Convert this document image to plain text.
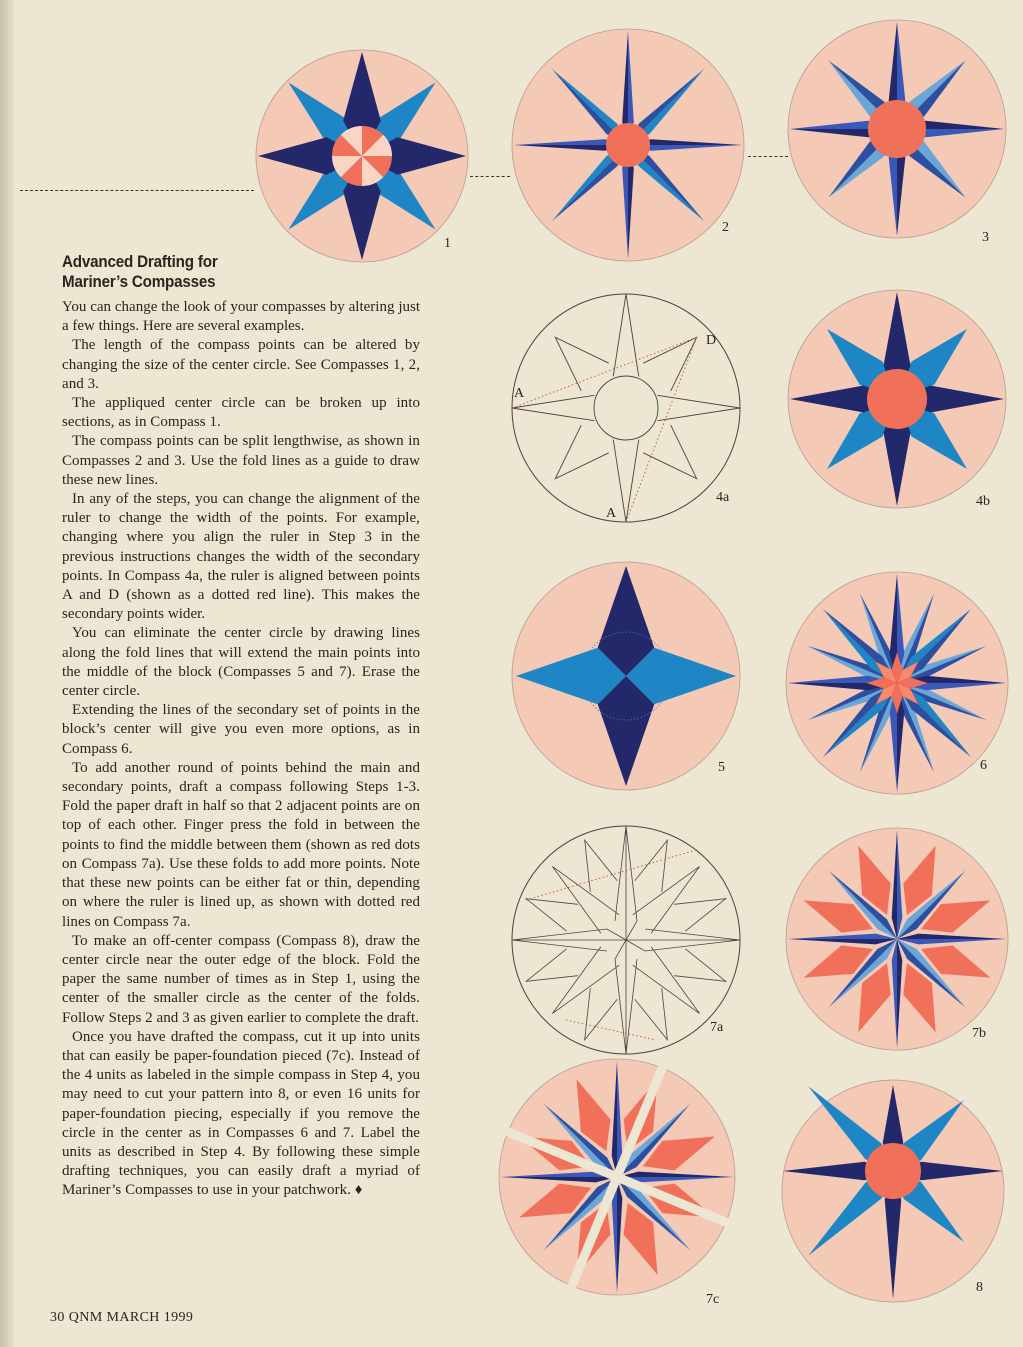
Advanced Drafting for
Mariner’s Compasses

You can change the look of your compasses by altering just a few things. Here are several examples.

The length of the compass points can be altered by changing the size of the center circle. See Compasses 1, 2, and 3.

The appliqued center circle can be broken up into sections, as in Compass 1.

The compass points can be split lengthwise, as shown in Compasses 2 and 3. Use the fold lines as a guide to draw these new lines.

In any of the steps, you can change the alignment of the ruler to change the width of the points. For example, changing where you align the ruler in Step 3 in the previous instructions changes the width of the secondary points. In Compass 4a, the ruler is aligned between points A and D (shown as a dotted red line). This makes the secondary points wider.

You can eliminate the center circle by drawing lines along the fold lines that will extend the main points into the middle of the block (Compasses 5 and 7). Erase the center circle.

Extending the lines of the secondary set of points in the block’s center will give you even more options, as in Compass 6.

To add another round of points behind the main and secondary points, draft a compass following Steps 1-3. Fold the paper draft in half so that 2 adjacent points are on top of each other. Finger press the fold in between the points to find the middle between them (shown as red dots on Compass 7a). Use these folds to add more points. Note that these new points can be either fat or thin, depending on where the ruler is lined up, as shown with dotted red lines on Compass 7a.

To make an off-center compass (Compass 8), draw the center circle near the outer edge of the block. Fold the paper the same number of times as in Step 1, using the center of the smaller circle as the center of the folds. Follow Steps 2 and 3 as given earlier to complete the draft.

Once you have drafted the compass, cut it up into units that can easily be paper-foundation pieced (7c). Instead of the 4 units as labeled in the simple compass in Step 4, you may need to cut your pattern into 8, or even 16 units for paper-foundation piecing, especially if you remove the circle in the center as in Compasses 6 and 7. Label the units as described in Step 4. By following these simple drafting techniques, you can easily draft a myriad of Mariner’s Compasses to use in your patchwork. ♦

30 QNM MARCH 1999
1
2
3
4a
A
D
A
4b
5	6
7a	7b
7c
8
